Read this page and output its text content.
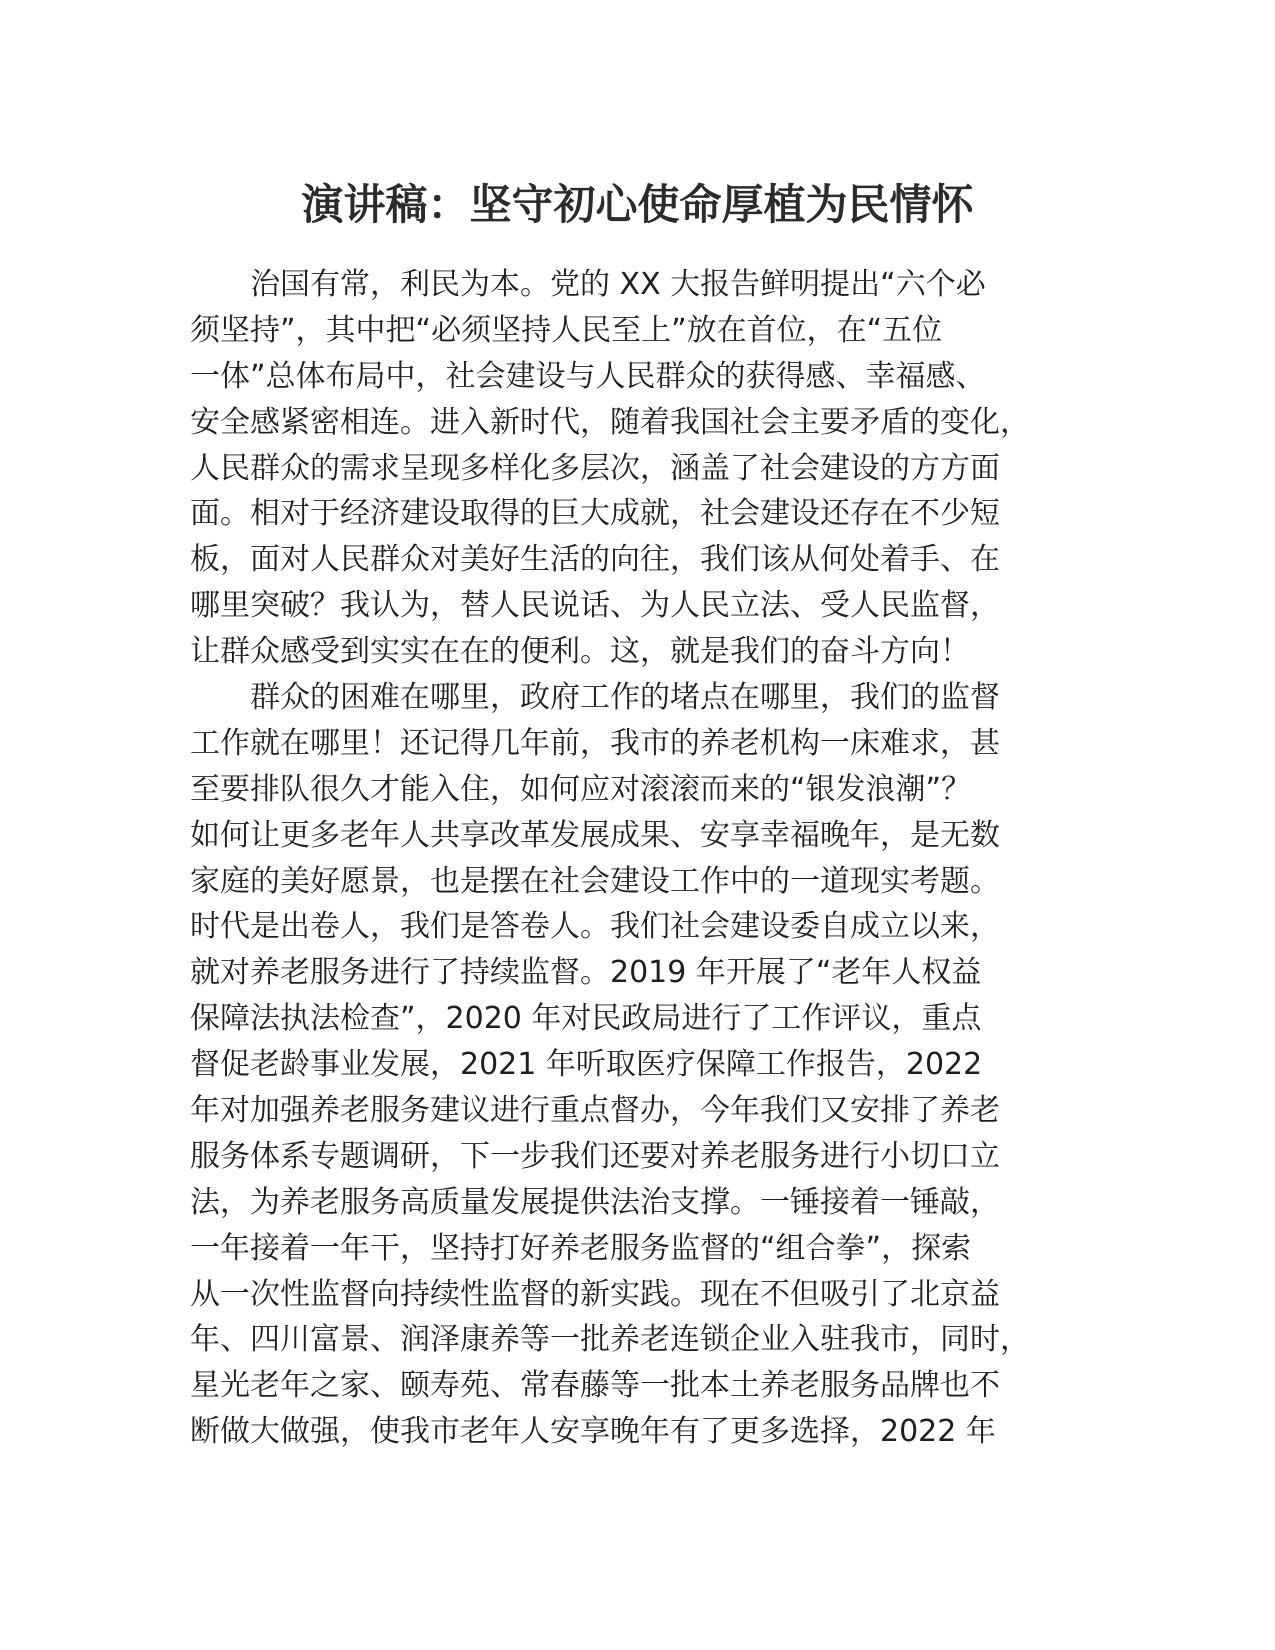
演讲稿：坚守初心使命厚植为民情怀
　　治国有常，利民为本。党的 XX 大报告鲜明提出“六个必
须坚持”，其中把“必须坚持人民至上”放在首位，在“五位
一体”总体布局中，社会建设与人民群众的获得感、幸福感、
安全感紧密相连。进入新时代，随着我国社会主要矛盾的变化，
人民群众的需求呈现多样化多层次，涵盖了社会建设的方方面
面。相对于经济建设取得的巨大成就，社会建设还存在不少短
板，面对人民群众对美好生活的向往，我们该从何处着手、在
哪里突破？我认为，替人民说话、为人民立法、受人民监督，
让群众感受到实实在在的便利。这，就是我们的奋斗方向！
　　群众的困难在哪里，政府工作的堵点在哪里，我们的监督
工作就在哪里！还记得几年前，我市的养老机构一床难求，甚
至要排队很久才能入住，如何应对滚滚而来的“银发浪潮”？
如何让更多老年人共享改革发展成果、安享幸福晚年，是无数
家庭的美好愿景，也是摆在社会建设工作中的一道现实考题。
时代是出卷人，我们是答卷人。我们社会建设委自成立以来，
就对养老服务进行了持续监督。2019 年开展了“老年人权益
保障法执法检查”，2020 年对民政局进行了工作评议，重点
督促老龄事业发展，2021 年听取医疗保障工作报告，2022
年对加强养老服务建议进行重点督办，今年我们又安排了养老
服务体系专题调研，下一步我们还要对养老服务进行小切口立
法，为养老服务高质量发展提供法治支撑。一锤接着一锤敲，
一年接着一年干，坚持打好养老服务监督的“组合拳”，探索
从一次性监督向持续性监督的新实践。现在不但吸引了北京益
年、四川富景、润泽康养等一批养老连锁企业入驻我市，同时，
星光老年之家、颐寿苑、常春藤等一批本土养老服务品牌也不
断做大做强，使我市老年人安享晚年有了更多选择，2022 年
